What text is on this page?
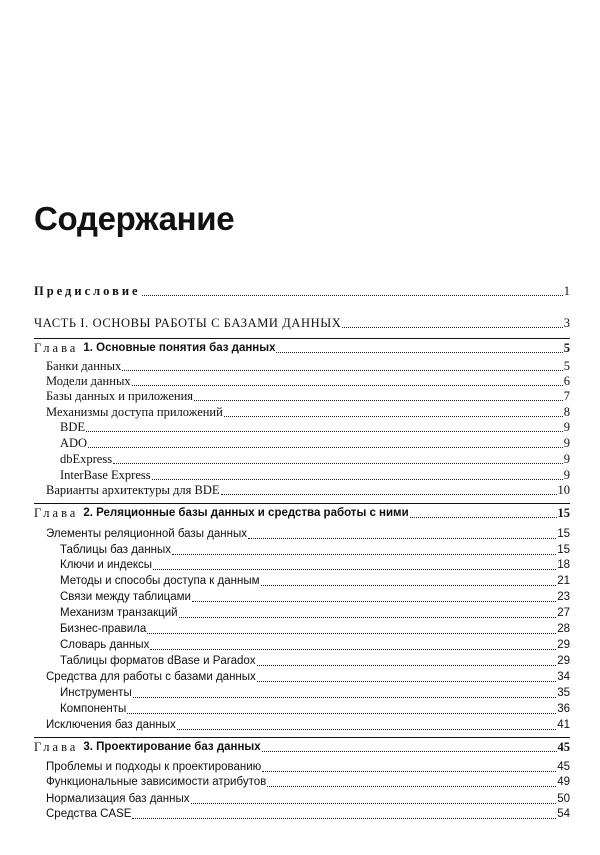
Содержание
Предисловие	1
ЧАСТЬ I. ОСНОВЫ РАБОТЫ С БАЗАМИ ДАННЫХ	3
Глава 1. Основные понятия баз данных	5
Банки данных	5
Модели данных	6
Базы данных и приложения	7
Механизмы доступа приложений	8
BDE	9
ADO	9
dbExpress	9
InterBase Express	9
Варианты архитектуры для BDE	10
Глава 2. Реляционные базы данных и средства работы с ними	15
Элементы реляционной базы данных	15
Таблицы баз данных	15
Ключи и индексы	18
Методы и способы доступа к данным	21
Связи между таблицами	23
Механизм транзакций	27
Бизнес-правила	28
Словарь данных	29
Таблицы форматов dBase и Paradox	29
Средства для работы с базами данных	34
Инструменты	35
Компоненты	36
Исключения баз данных	41
Глава 3. Проектирование баз данных	45
Проблемы и подходы к проектированию	45
Функциональные зависимости атрибутов	49
Нормализация баз данных	50
Средства CASE	54
